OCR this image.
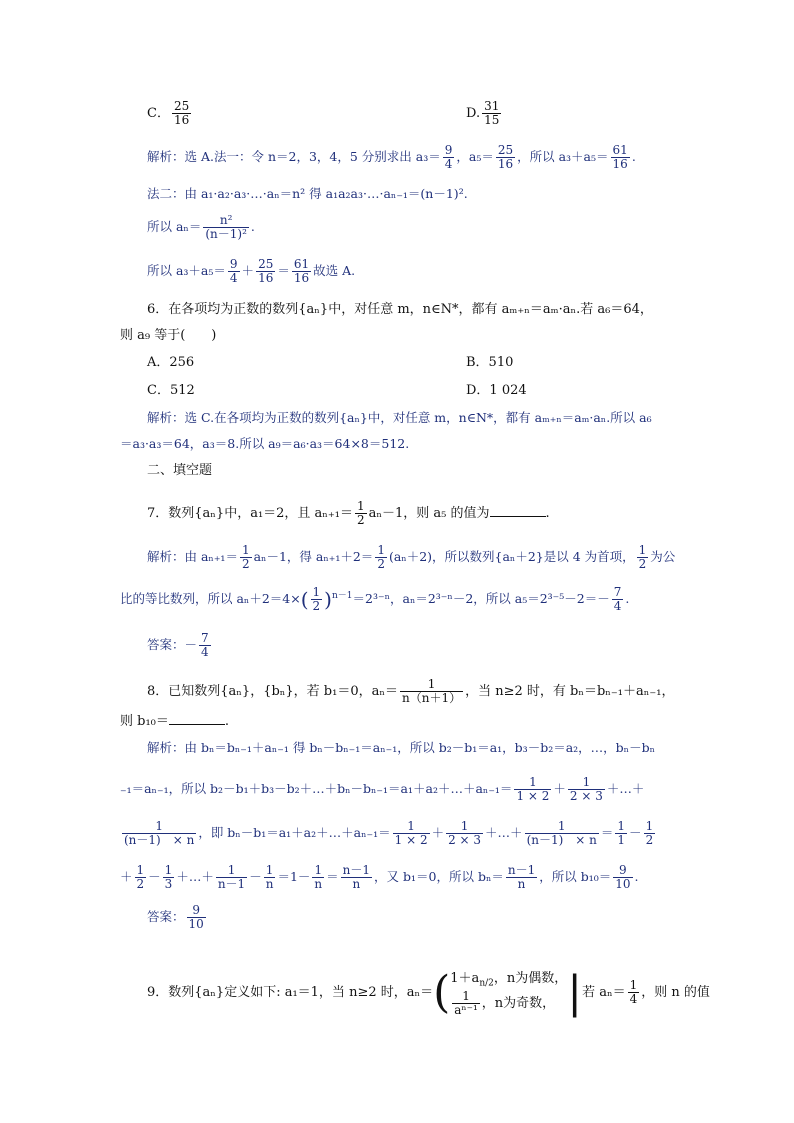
C． $\frac{25}{16}$	D. $\frac{31}{15}$
解析：选 A.法一：令 n＝2，3，4，5 分别求出 $a_3= \frac{9}{4}$ ，$a_5= \frac{25}{16}$ ，所以 $a_3+a_5= \frac{61}{16}$ .
法二：由 a₁·a₂·a₃·…·aₙ＝n² 得 a₁a₂a₃·…·aₙ₋₁＝(n－1)².
所以 $a_n= \frac{\text{n²}}{\text{(n－1)²}}$ .
所以 $a_3+a_5= \frac{9}{4} + \frac{25}{16} = \frac{61}{16}$ 故选 A.
6．在各项均为正数的数列{aₙ}中，对任意 m，n∈N*，都有 aₘ₊ₙ＝aₘ·aₙ.若 a₆＝64，
则 a₉ 等于(　　)
A．256	B．510
C．512	D．1 024
解析：选 C.在各项均为正数的数列{aₙ}中，对任意 m，n∈N*，都有 aₘ₊ₙ＝aₘ·aₙ.所以 a₆
＝a₃·a₃＝64，a₃＝8.所以 a₉＝a₆·a₃＝64×8＝512.
二、填空题
7．数列{aₙ}中，a₁＝2，且 $a_{n+1}= \frac{1}{2} a_n-1$，则 a₅ 的值为	.
解析：由 $a_{n+1}= \frac{1}{2} a_n-1$，得 $a_{n+1}+2= \frac{1}{2} (a_n+2)$，所以数列{aₙ＋2}是以 4 为首项， $\frac{1}{2}$ 为公
比的等比数列，所以 $a_n+2=4\times( \frac{1}{2} )^{n-1}=2^{3-n}$，aₙ＝2³⁻ⁿ－2，所以 $a_5=2^{3-5}-2=- \frac{7}{4}$ .
答案：－ $\frac{7}{4}$
8．已知数列{aₙ}，{bₙ}，若 b₁＝0，$a_n= \frac{1}{n(n+1)}$ ，当 n≥2 时，有 bₙ＝bₙ₋₁＋aₙ₋₁，
则 b₁₀＝	.
解析：由 bₙ＝bₙ₋₁＋aₙ₋₁ 得 bₙ－bₙ₋₁＝aₙ₋₁，所以 b₂－b₁＝a₁，b₃－b₂＝a₂，…，bₙ－bₙ
₋₁＝aₙ₋₁，所以 b₂－b₁＋b₃－b₂＋…＋bₙ－bₙ₋₁＝a₁＋a₂＋…＋aₙ₋₁＝ $\frac{1}{1 \times 2} + \frac{1}{2 \times 3}$ ＋…＋
$\frac{1}{(n-1) \times n}$ ，即 bₙ－b₁＝a₁＋a₂＋…＋aₙ₋₁＝ $\frac{1}{1 \times 2} + \frac{1}{2 \times 3}$ ＋…＋ $\frac{1}{(n-1) \times n} = \frac{1}{1} - \frac{1}{2}$
＋ $\frac{1}{2} - \frac{1}{3}$ ＋…＋ $\frac{1}{n-1} - \frac{1}{n} =1- \frac{1}{n} = \frac{n-1}{n}$ ，又 b₁＝0，所以 $b_n= \frac{n-1}{n}$ ，所以 $b_{10}= \frac{9}{10}$ .
答案： $\frac{9}{10}$
9．数列{aₙ}定义如下: a₁＝1，当 n≥2 时，aₙ＝( $1+a_{n/2}$，n为偶数，
$\frac{1}{\text{aⁿ⁻¹}}$ ，n为奇数， |若 $a_n= \frac{1}{4}$ ，则 n 的值
